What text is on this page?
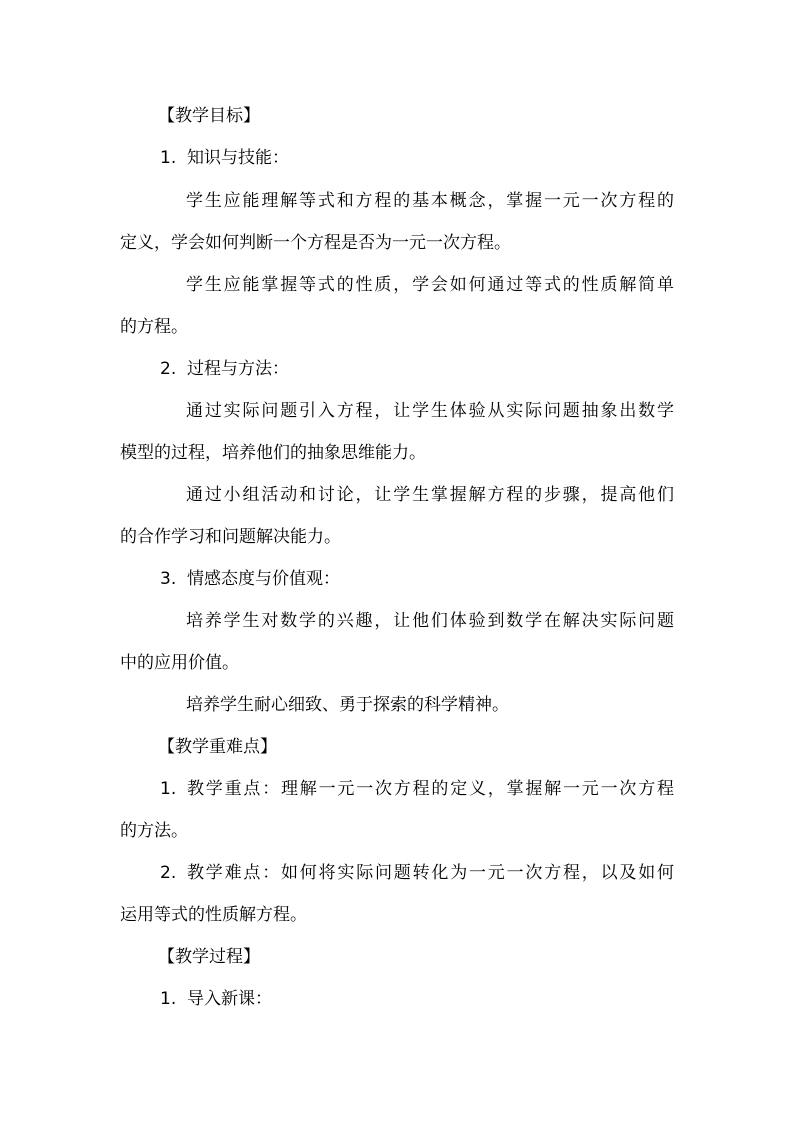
【教学目标】
1. 知识与技能：
学生应能理解等式和方程的基本概念，掌握一元一次方程的
定义，学会如何判断一个方程是否为一元一次方程。
学生应能掌握等式的性质，学会如何通过等式的性质解简单
的方程。
2. 过程与方法：
通过实际问题引入方程，让学生体验从实际问题抽象出数学
模型的过程，培养他们的抽象思维能力。
通过小组活动和讨论，让学生掌握解方程的步骤，提高他们
的合作学习和问题解决能力。
3. 情感态度与价值观：
培养学生对数学的兴趣，让他们体验到数学在解决实际问题
中的应用价值。
培养学生耐心细致、勇于探索的科学精神。
【教学重难点】
1. 教学重点：理解一元一次方程的定义，掌握解一元一次方程
的方法。
2. 教学难点：如何将实际问题转化为一元一次方程，以及如何
运用等式的性质解方程。
【教学过程】
1. 导入新课：
